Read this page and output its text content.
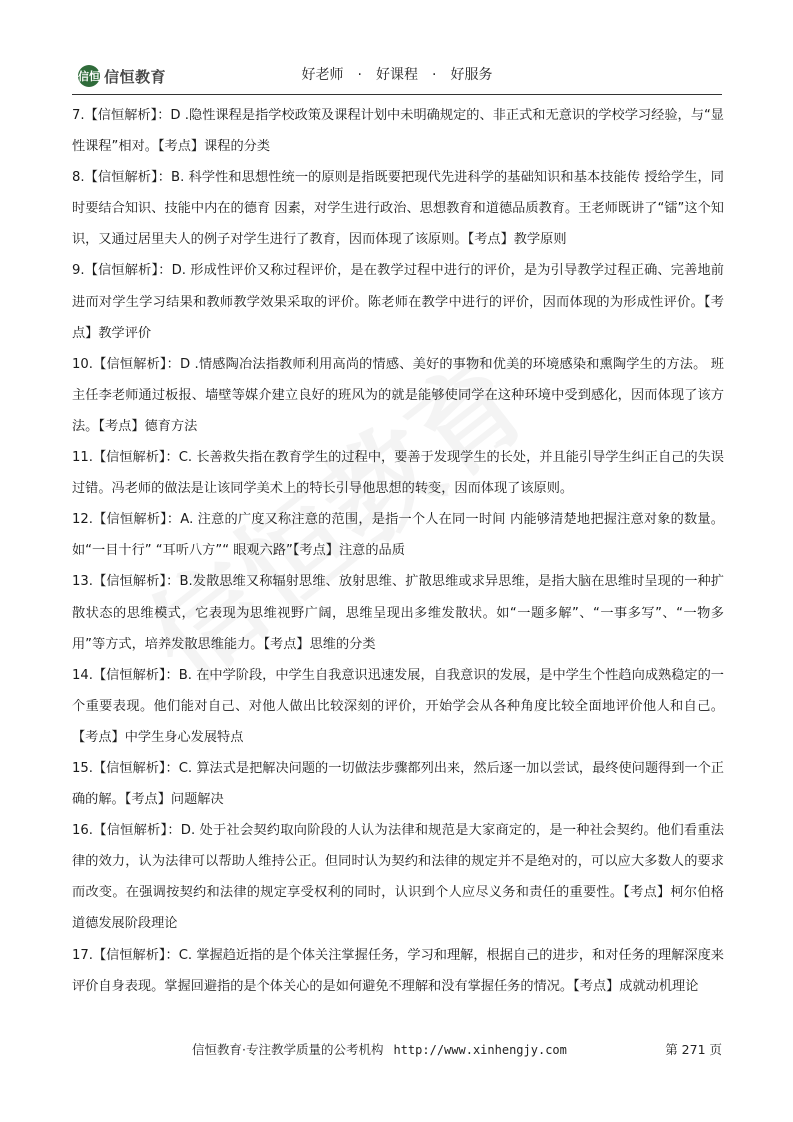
信恒 信恒教育	好老师　·　好课程　·　好服务

7.【信恒解析】：D .隐性课程是指学校政策及课程计划中未明确规定的、非正式和无意识的学校学习经验，与“显性课程”相对。【考点】课程的分类

8.【信恒解析】：B. 科学性和思想性统一的原则是指既要把现代先进科学的基础知识和基本技能传 授给学生，同时要结合知识、技能中内在的德育 因素，对学生进行政治、思想教育和道德品质教育。王老师既讲了“镭”这个知识，又通过居里夫人的例子对学生进行了教育，因而体现了该原则。【考点】教学原则

9.【信恒解析】：D. 形成性评价又称过程评价，是在教学过程中进行的评价，是为引导教学过程正确、完善地前进而对学生学习结果和教师教学效果采取的评价。陈老师在教学中进行的评价，因而体现的为形成性评价。【考点】教学评价

10.【信恒解析】：D .情感陶冶法指教师利用高尚的情感、美好的事物和优美的环境感染和熏陶学生的方法。 班主任李老师通过板报、墙壁等媒介建立良好的班风为的就是能够使同学在这种环境中受到感化，因而体现了该方法。【考点】德育方法

11.【信恒解析】：C. 长善救失指在教育学生的过程中，要善于发现学生的长处，并且能引导学生纠正自己的失误过错。冯老师的做法是让该同学美术上的特长引导他思想的转变，因而体现了该原则。

12.【信恒解析】：A. 注意的广度又称注意的范围，是指一个人在同一时间 内能够清楚地把握注意对象的数量。如“一目十行” “耳听八方”“ 眼观六路”【考点】注意的品质

13.【信恒解析】：B.发散思维又称辐射思维、放射思维、扩散思维或求异思维，是指大脑在思维时呈现的一种扩散状态的思维模式，它表现为思维视野广阔，思维呈现出多维发散状。如“一题多解”、“一事多写”、“一物多用”等方式，培养发散思维能力。【考点】思维的分类

14.【信恒解析】：B. 在中学阶段，中学生自我意识迅速发展，自我意识的发展，是中学生个性趋向成熟稳定的一个重要表现。他们能对自己、对他人做出比较深刻的评价，开始学会从各种角度比较全面地评价他人和自己。【考点】中学生身心发展特点

15.【信恒解析】：C. 算法式是把解决问题的一切做法步骤都列出来，然后逐一加以尝试，最终使问题得到一个正确的解。【考点】问题解决

16.【信恒解析】：D. 处于社会契约取向阶段的人认为法律和规范是大家商定的，是一种社会契约。他们看重法律的效力，认为法律可以帮助人维持公正。但同时认为契约和法律的规定并不是绝对的，可以应大多数人的要求而改变。在强调按契约和法律的规定享受权利的同时，认识到个人应尽义务和责任的重要性。【考点】柯尔伯格道德发展阶段理论

17.【信恒解析】：C. 掌握趋近指的是个体关注掌握任务，学习和理解，根据自己的进步，和对任务的理解深度来评价自身表现。掌握回避指的是个体关心的是如何避免不理解和没有掌握任务的情况。【考点】成就动机理论

信恒教育·专注教学质量的公考机构 http://www.xinhengjy.com	第 271 页
